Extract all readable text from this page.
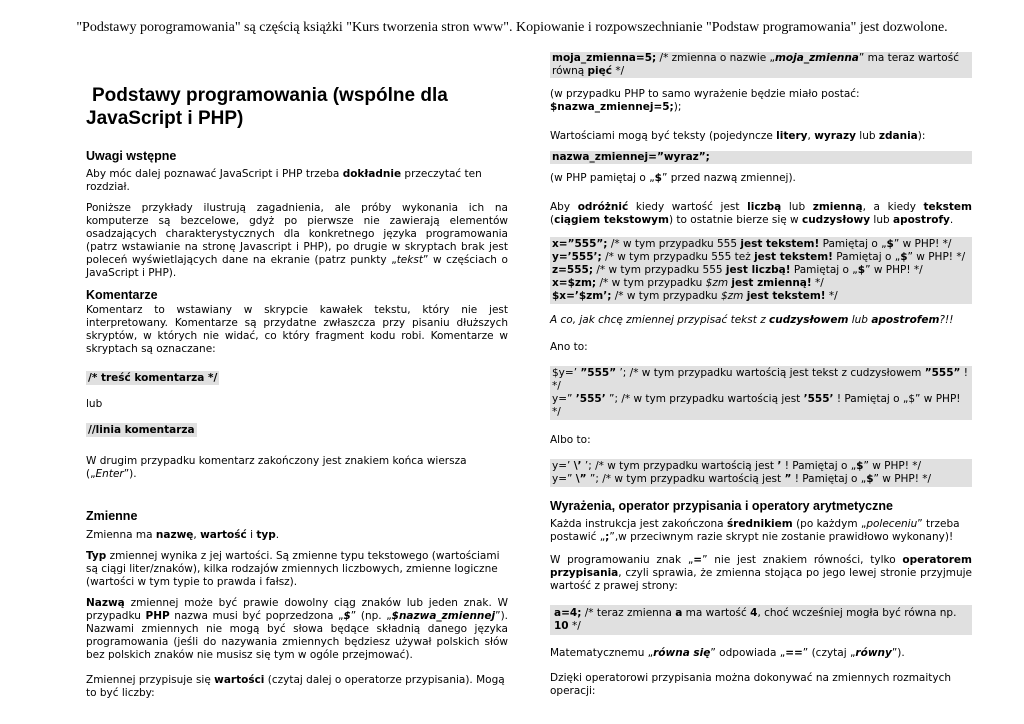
"Podstawy porogramowania" są częścią książki "Kurs tworzenia stron www". Kopiowanie i rozpowszechnianie "Podstaw programowania" jest dozwolone.
Podstawy programowania (wspólne dla
JavaScript i PHP)
Uwagi wstępne

Aby móc dalej poznawać JavaScript i PHP trzeba dokładnie przeczytać ten rozdział.

Poniższe przykłady ilustrują zagadnienia, ale próby wykonania ich na komputerze są bezcelowe, gdyż po pierwsze nie zawierają elementów osadzających charakterystycznych dla konkretnego języka programowania (patrz wstawianie na stronę Javascript i PHP), po drugie w skryptach brak jest poleceń wyświetlających dane na ekranie (patrz punkty „tekst” w częściach o JavaScript i PHP).

Komentarze

Komentarz to wstawiany w skrypcie kawałek tekstu, który nie jest interpretowany. Komentarze są przydatne zwłaszcza przy pisaniu dłuższych skryptów, w których nie widać, co który fragment kodu robi. Komentarze w skryptach są oznaczane:

/* treść komentarza */

lub

//linia komentarza

W drugim przypadku komentarz zakończony jest znakiem końca wiersza („Enter”).

Zmienne

Zmienna ma nazwę, wartość i typ.

Typ zmiennej wynika z jej wartości. Są zmienne typu tekstowego (wartościami są ciągi liter/znaków), kilka rodzajów zmiennych liczbowych, zmienne logiczne (wartości w tym typie to prawda i fałsz).

Nazwą zmiennej może być prawie dowolny ciąg znaków lub jeden znak. W przypadku PHP nazwa musi być poprzedzona „$” (np. „$nazwa_zmiennej”). Nazwami zmiennych nie mogą być słowa będące składnią danego języka programowania (jeśli do nazywania zmiennych będziesz używał polskich słów bez polskich znaków nie musisz się tym w ogóle przejmować).

Zmiennej przypisuje się wartości (czytaj dalej o operatorze przypisania). Mogą to być liczby:

moja_zmienna=5; /* zmienna o nazwie „moja_zmienna” ma teraz wartość równą pięć */

(w przypadku PHP to samo wyrażenie będzie miało postać: $nazwa_zmiennej=5;);

Wartościami mogą być teksty (pojedyncze litery, wyrazy lub zdania):

nazwa_zmiennej=”wyraz”;

(w PHP pamiętaj o „$” przed nazwą zmiennej).

Aby odróżnić kiedy wartość jest liczbą lub zmienną, a kiedy tekstem (ciągiem tekstowym) to ostatnie bierze się w cudzysłowy lub apostrofy.

x=”555”; /* w tym przypadku 555 jest tekstem! Pamiętaj o „$” w PHP! */
y=’555’; /* w tym przypadku 555 też jest tekstem! Pamiętaj o „$” w PHP! */
z=555; /* w tym przypadku 555 jest liczbą! Pamiętaj o „$” w PHP! */
x=$zm; /* w tym przypadku $zm jest zmienną! */
$x=’$zm’; /* w tym przypadku $zm jest tekstem! */

A co, jak chcę zmiennej przypisać tekst z cudzysłowem lub apostrofem?!!

Ano to:

$y=’ ”555” ’; /* w tym przypadku wartością jest tekst z cudzysłowem ”555” ! */
y=” ’555’ ”; /* w tym przypadku wartością jest ’555’ ! Pamiętaj o „$” w PHP! */

Albo to:

y=’ \’ ’; /* w tym przypadku wartością jest ’ ! Pamiętaj o „$” w PHP! */
y=” \” ”; /* w tym przypadku wartością jest ” ! Pamiętaj o „$” w PHP! */
Wyrażenia, operator przypisania i operatory arytmetyczne

Każda instrukcja jest zakończona średnikiem (po każdym „poleceniu” trzeba postawić „;”,w przeciwnym razie skrypt nie zostanie prawidłowo wykonany)!

W programowaniu znak „=” nie jest znakiem równości, tylko operatorem przypisania, czyli sprawia, że zmienna stojąca po jego lewej stronie przyjmuje wartość z prawej strony:

a=4; /* teraz zmienna a ma wartość 4, choć wcześniej mogła być równa np. 10 */

Matematycznemu „równa się” odpowiada „==” (czytaj „równy”).

Dzięki operatorowi przypisania można dokonywać na zmiennych rozmaitych operacji:
